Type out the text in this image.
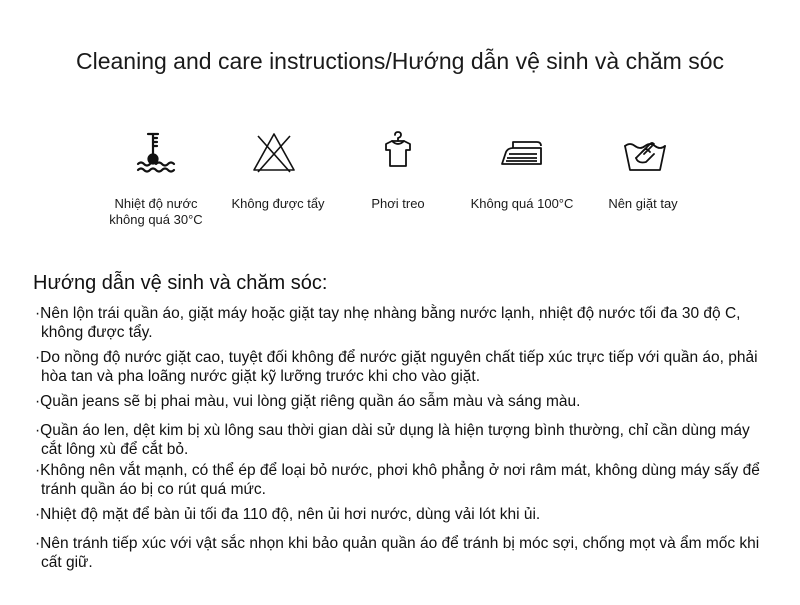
Cleaning and care instructions/Hướng dẫn vệ sinh và chăm sóc
Nhiệt độ nước
không quá 30°C
Không được tẩy	Phơi treo	Không quá 100°C	Nên giặt tay
Hướng dẫn vệ sinh và chăm sóc:
·Nên lộn trái quần áo, giặt máy hoặc giặt tay nhẹ nhàng bằng nước lạnh, nhiệt độ nước tối đa 30 độ C, không được tẩy.
·Do nồng độ nước giặt cao, tuyệt đối không để nước giặt nguyên chất tiếp xúc trực tiếp với quần áo, phải hòa tan và pha loãng nước giặt kỹ lưỡng trước khi cho vào giặt.
·Quần jeans sẽ bị phai màu, vui lòng giặt riêng quần áo sẫm màu và sáng màu.
·Quần áo len, dệt kim bị xù lông sau thời gian dài sử dụng là hiện tượng bình thường, chỉ cần dùng máy cắt lông xù để cắt bỏ.
·Không nên vắt mạnh, có thể ép để loại bỏ nước, phơi khô phẳng ở nơi râm mát, không dùng máy sấy để tránh quần áo bị co rút quá mức.
·Nhiệt độ mặt để bàn ủi tối đa 110 độ, nên ủi hơi nước, dùng vải lót khi ủi.
·Nên tránh tiếp xúc với vật sắc nhọn khi bảo quản quần áo để tránh bị móc sợi, chống mọt và ẩm mốc khi cất giữ.
